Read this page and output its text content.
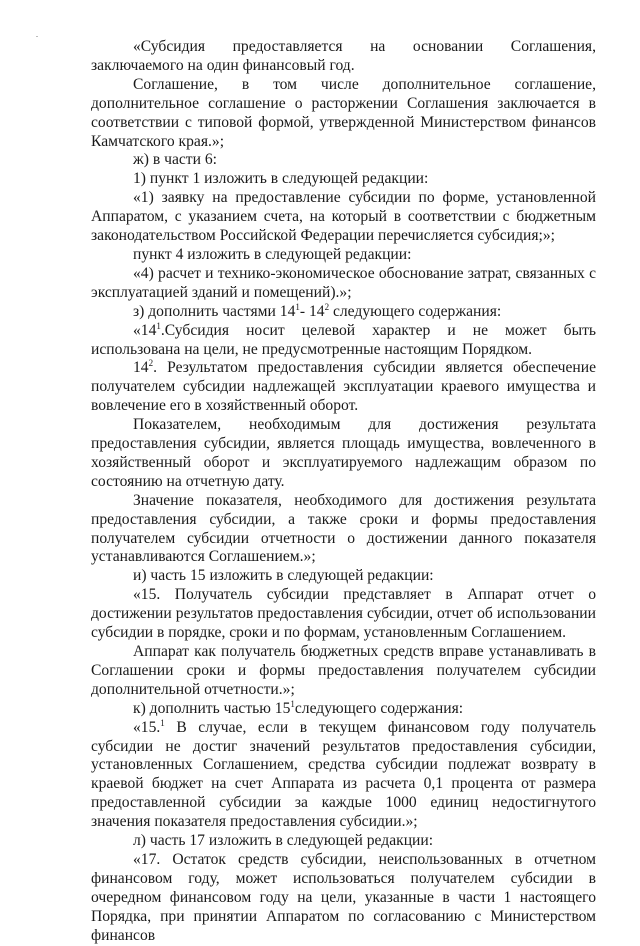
«Субсидия предоставляется на основании Соглашения, заключаемого на один финансовый год.

Соглашение, в том числе дополнительное соглашение, дополнительное соглашение о расторжении Соглашения заключается в соответствии с типовой формой, утвержденной Министерством финансов Камчатского края.»;

ж) в части 6:

1) пункт 1 изложить в следующей редакции:

«1) заявку на предоставление субсидии по форме, установленной Аппаратом, с указанием счета, на который в соответствии с бюджетным законодательством Российской Федерации перечисляется субсидия;»;

пункт 4 изложить в следующей редакции:

«4) расчет и технико-экономическое обоснование затрат, связанных с эксплуатацией зданий и помещений).»;

з) дополнить частями $14^1-$ $14^2$ следующего содержания:

«$14^1.Субсидия$ носит целевой характер и не может быть использована на цели, не предусмотренные настоящим Порядком.

$14^2$. Результатом предоставления субсидии является обеспечение получателем субсидии надлежащей эксплуатации краевого имущества и вовлечение его в хозяйственный оборот.

Показателем, необходимым для достижения результата предоставления субсидии, является площадь имущества, вовлеченного в хозяйственный оборот и эксплуатируемого надлежащим образом по состоянию на отчетную дату.

Значение показателя, необходимого для достижения результата предоставления субсидии, а также сроки и формы предоставления получателем субсидии отчетности о достижении данного показателя устанавливаются Соглашением.»;

и) часть 15 изложить в следующей редакции:

«15. Получатель субсидии представляет в Аппарат отчет о достижении результатов предоставления субсидии, отчет об использовании субсидии в порядке, сроки и по формам, установленным Соглашением.

Аппарат как получатель бюджетных средств вправе устанавливать в Соглашении сроки и формы предоставления получателем субсидии дополнительной отчетности.»;

к) дополнить частью $15^1следующего$ содержания:

«15.$^1$ В случае, если в текущем финансовом году получатель субсидии не достиг значений результатов предоставления субсидии, установленных Соглашением, средства субсидии подлежат возврату в краевой бюджет на счет Аппарата из расчета 0,1 процента от размера предоставленной субсидии за каждые 1000 единиц недостигнутого значения показателя предоставления субсидии.»;

л) часть 17 изложить в следующей редакции:

«17. Остаток средств субсидии, неиспользованных в отчетном финансовом году, может использоваться получателем субсидии в очередном финансовом году на цели, указанные в части 1 настоящего Порядка, при принятии Аппаратом по согласованию с Министерством финансов
